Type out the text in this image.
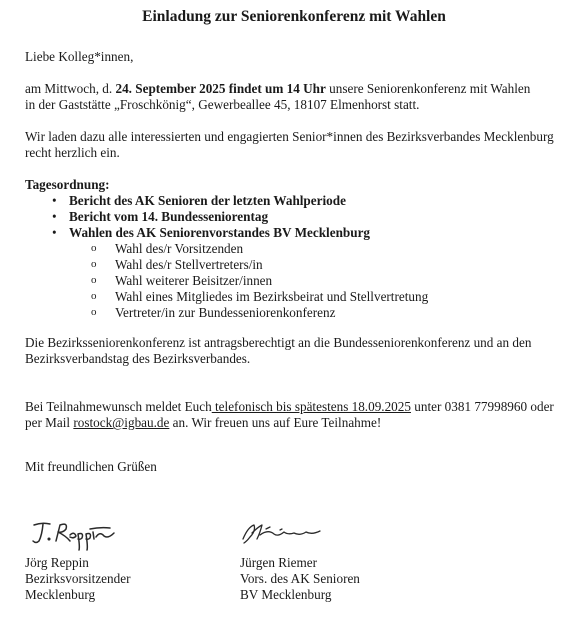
Einladung zur Seniorenkonferenz mit Wahlen
Liebe Kolleg*innen,
am Mittwoch, d. 24. September 2025 findet um 14 Uhr unsere Seniorenkonferenz mit Wahlen
in der Gaststätte „Froschkönig“, Gewerbeallee 45, 18107 Elmenhorst statt.
Wir laden dazu alle interessierten und engagierten Senior*innen des Bezirksverbandes Mecklenburg
recht herzlich ein.
Tagesordnung:
• Bericht des AK Senioren der letzten Wahlperiode
• Bericht vom 14. Bundesseniorentag
• Wahlen des AK Seniorenvorstandes BV Mecklenburg
o Wahl des/r Vorsitzenden
o Wahl des/r Stellvertreters/in
o Wahl weiterer Beisitzer/innen
o Wahl eines Mitgliedes im Bezirksbeirat und Stellvertretung
o Vertreter/in zur Bundesseniorenkonferenz
Die Bezirksseniorenkonferenz ist antragsberechtigt an die Bundesseniorenkonferenz und an den
Bezirksverbandstag des Bezirksverbandes.
Bei Teilnahmewunsch meldet Euch telefonisch bis spätestens 18.09.2025 unter 0381 77998960 oder
per Mail rostock@igbau.de an. Wir freuen uns auf Eure Teilnahme!
Mit freundlichen Grüßen
Jörg Reppin
Bezirksvorsitzender
Mecklenburg
Jürgen Riemer
Vors. des AK Senioren
BV Mecklenburg
